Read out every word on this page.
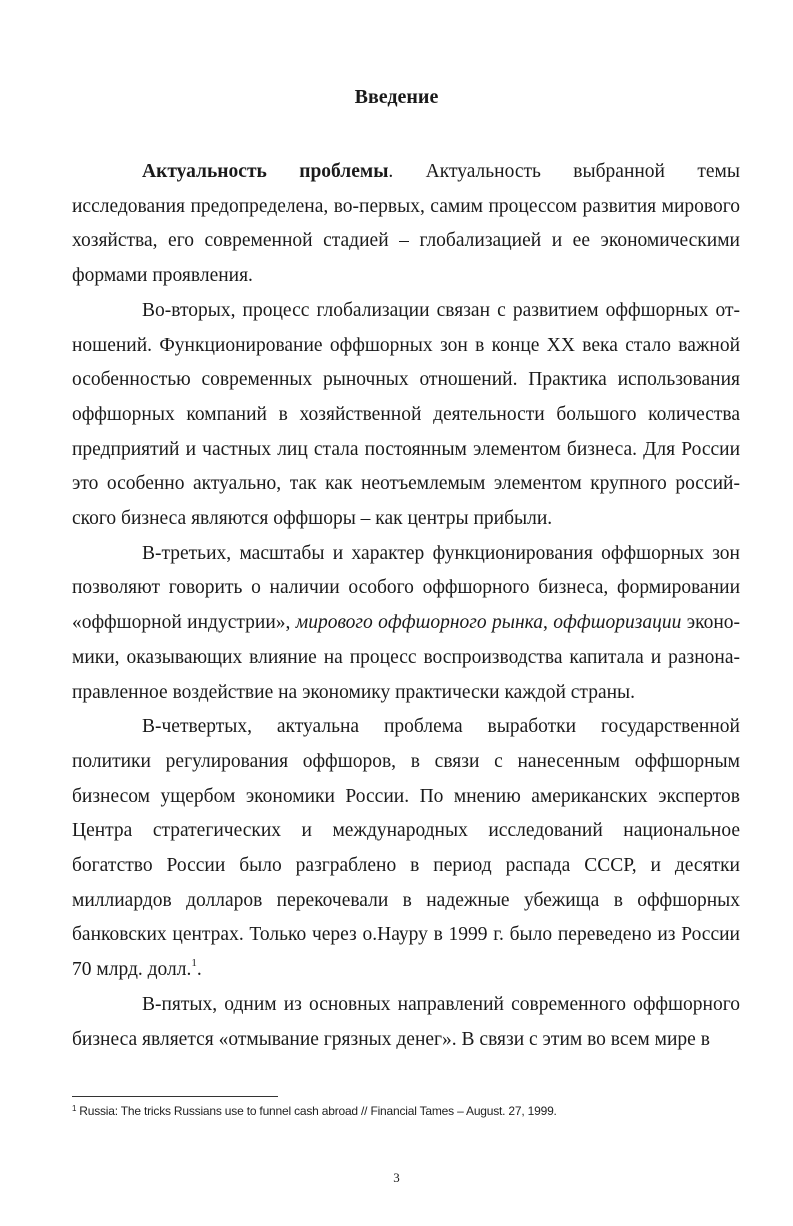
Введение

Актуальность проблемы. Актуальность выбранной темы исследования предопределена, во-первых, самим процессом развития мирового хозяйства, его современной стадией – глобализацией и ее экономическими формами проявления.

Во-вторых, процесс глобализации связан с развитием оффшорных отношений. Функционирование оффшорных зон в конце XX века стало важной особенностью современных рыночных отношений. Практика использования оффшорных компаний в хозяйственной деятельности большого количества предприятий и частных лиц стала постоянным элементом бизнеса. Для России это особенно актуально, так как неотъемлемым элементом крупного российского бизнеса являются оффшоры – как центры прибыли.

В-третьих, масштабы и характер функционирования оффшорных зон позволяют говорить о наличии особого оффшорного бизнеса, формировании «оффшорной индустрии», мирового оффшорного рынка, оффшоризации экономики, оказывающих влияние на процесс воспроизводства капитала и разнонаправленное воздействие на экономику практически каждой страны.

В-четвертых, актуальна проблема выработки государственной политики регулирования оффшоров, в связи с нанесенным оффшорным бизнесом ущербом экономики России. По мнению американских экспертов Центра стратегических и международных исследований национальное богатство России было разграблено в период распада СССР, и десятки миллиардов долларов перекочевали в надежные убежища в оффшорных банковских центрах. Только через о.Науру в 1999 г. было переведено из России 70 млрд. долл.$^1$.

В-пятых, одним из основных направлений современного оффшорного бизнеса является «отмывание грязных денег». В связи с этим во всем мире в

$^1$ Russia: The tricks Russians use to funnel cash abroad // Financial Tames – August. 27, 1999.

3
